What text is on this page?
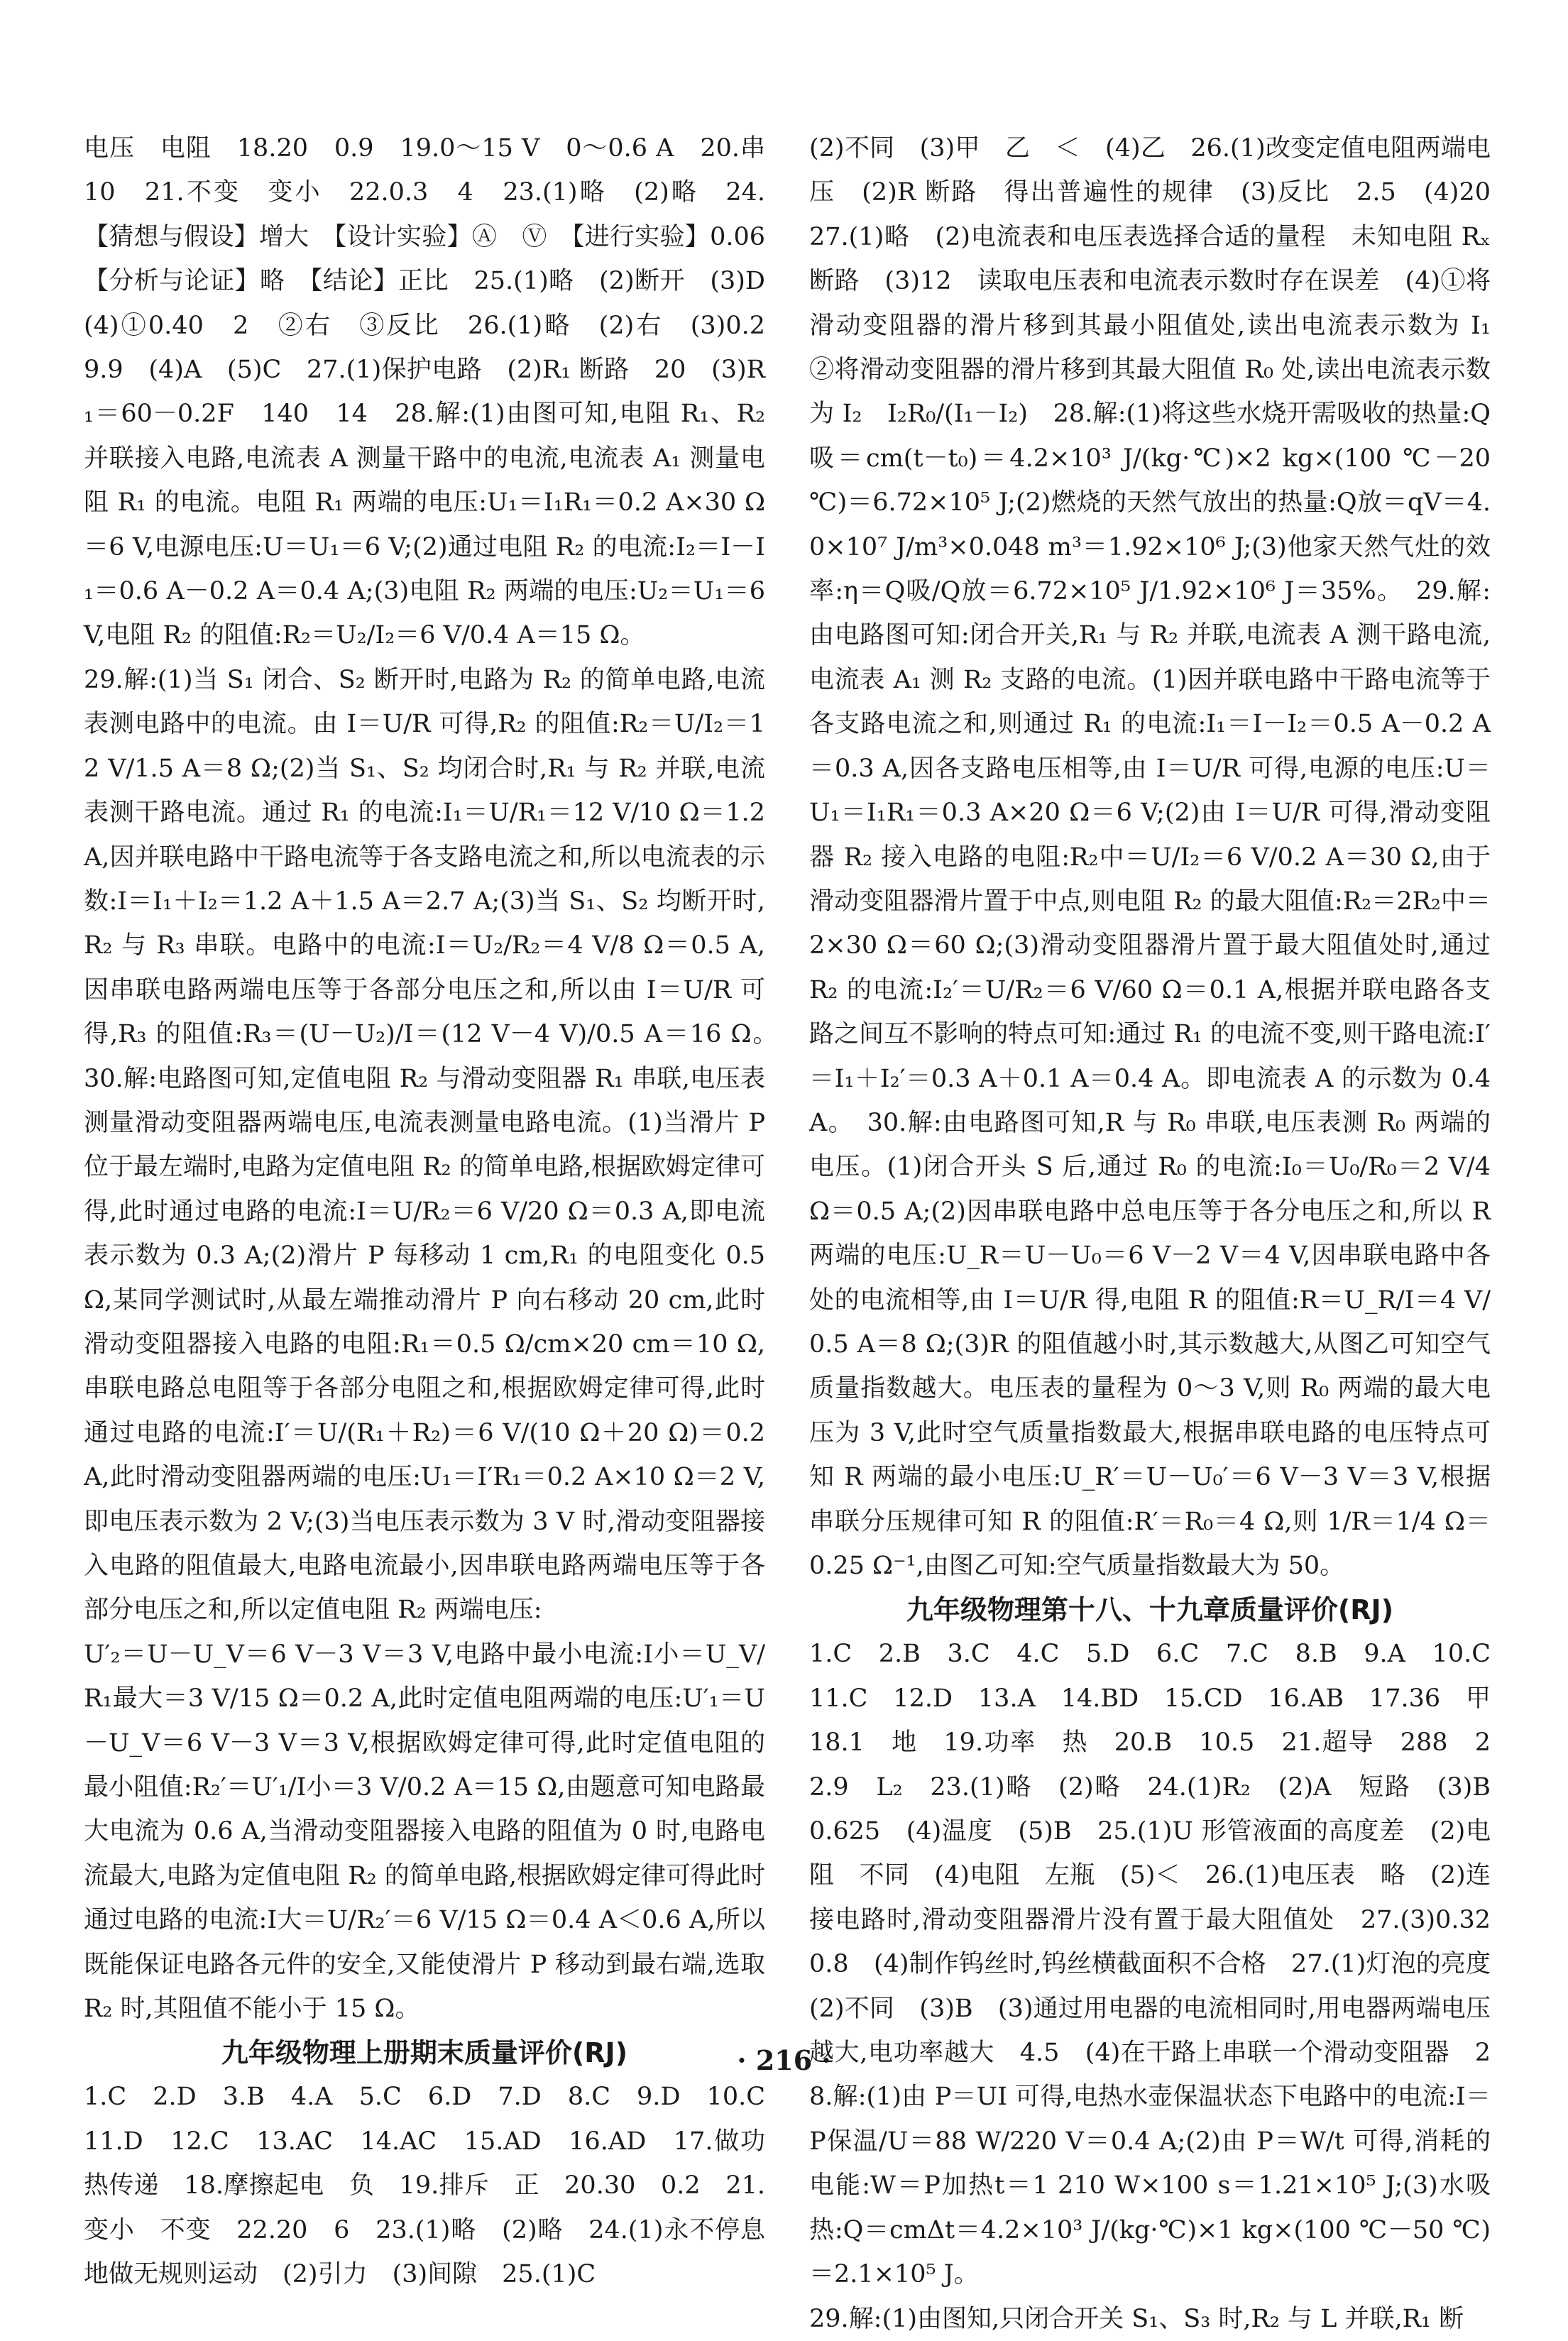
电压　电阻　18.20　0.9　19.0～15 V　0～0.6 A　20.串　10　21.不变　变小　22.0.3　4　23.(1)略　(2)略　24.【猜想与假设】增大　【设计实验】Ⓐ　Ⓥ　【进行实验】0.06　【分析与论证】略　【结论】正比　25.(1)略　(2)断开　(3)D　(4)①0.40　2　②右　③反比　26.(1)略　(2)右　(3)0.2　9.9　(4)A　(5)C　27.(1)保护电路　(2)R₁ 断路　20　(3)R₁＝60－0.2F　140　14　28.解:(1)由图可知,电阻 R₁、R₂ 并联接入电路,电流表 A 测量干路中的电流,电流表 A₁ 测量电阻 R₁ 的电流。电阻 R₁ 两端的电压:U₁＝I₁R₁＝0.2 A×30 Ω＝6 V,电源电压:U＝U₁＝6 V;(2)通过电阻 R₂ 的电流:I₂＝I－I₁＝0.6 A－0.2 A＝0.4 A;(3)电阻 R₂ 两端的电压:U₂＝U₁＝6 V,电阻 R₂ 的阻值:R₂＝U₂/I₂＝6 V/0.4 A＝15 Ω。

29.解:(1)当 S₁ 闭合、S₂ 断开时,电路为 R₂ 的简单电路,电流表测电路中的电流。由 I＝U/R 可得,R₂ 的阻值:R₂＝U/I₂＝12 V/1.5 A＝8 Ω;(2)当 S₁、S₂ 均闭合时,R₁ 与 R₂ 并联,电流表测干路电流。通过 R₁ 的电流:I₁＝U/R₁＝12 V/10 Ω＝1.2 A,因并联电路中干路电流等于各支路电流之和,所以电流表的示数:I＝I₁＋I₂＝1.2 A＋1.5 A＝2.7 A;(3)当 S₁、S₂ 均断开时,R₂ 与 R₃ 串联。电路中的电流:I＝U₂/R₂＝4 V/8 Ω＝0.5 A,因串联电路两端电压等于各部分电压之和,所以由 I＝U/R 可得,R₃ 的阻值:R₃＝(U－U₂)/I＝(12 V－4 V)/0.5 A＝16 Ω。　30.解:电路图可知,定值电阻 R₂ 与滑动变阻器 R₁ 串联,电压表测量滑动变阻器两端电压,电流表测量电路电流。(1)当滑片 P 位于最左端时,电路为定值电阻 R₂ 的简单电路,根据欧姆定律可得,此时通过电路的电流:I＝U/R₂＝6 V/20 Ω＝0.3 A,即电流表示数为 0.3 A;(2)滑片 P 每移动 1 cm,R₁ 的电阻变化 0.5 Ω,某同学测试时,从最左端推动滑片 P 向右移动 20 cm,此时滑动变阻器接入电路的电阻:R₁＝0.5 Ω/cm×20 cm＝10 Ω,串联电路总电阻等于各部分电阻之和,根据欧姆定律可得,此时通过电路的电流:I′＝U/(R₁＋R₂)＝6 V/(10 Ω＋20 Ω)＝0.2 A,此时滑动变阻器两端的电压:U₁＝I′R₁＝0.2 A×10 Ω＝2 V,即电压表示数为 2 V;(3)当电压表示数为 3 V 时,滑动变阻器接入电路的阻值最大,电路电流最小,因串联电路两端电压等于各部分电压之和,所以定值电阻 R₂ 两端电压:

U′₂＝U－U_V＝6 V－3 V＝3 V,电路中最小电流:I小＝U_V/R₁最大＝3 V/15 Ω＝0.2 A,此时定值电阻两端的电压:U′₁＝U－U_V＝6 V－3 V＝3 V,根据欧姆定律可得,此时定值电阻的最小阻值:R₂′＝U′₁/I小＝3 V/0.2 A＝15 Ω,由题意可知电路最大电流为 0.6 A,当滑动变阻器接入电路的阻值为 0 时,电路电流最大,电路为定值电阻 R₂ 的简单电路,根据欧姆定律可得此时通过电路的电流:I大＝U/R₂′＝6 V/15 Ω＝0.4 A＜0.6 A,所以既能保证电路各元件的安全,又能使滑片 P 移动到最右端,选取 R₂ 时,其阻值不能小于 15 Ω。

九年级物理上册期末质量评价(RJ)

1.C　2.D　3.B　4.A　5.C　6.D　7.D　8.C　9.D　10.C　11.D　12.C　13.AC　14.AC　15.AD　16.AD　17.做功　热传递　18.摩擦起电　负　19.排斥　正　20.30　0.2　21.变小　不变　22.20　6　23.(1)略　(2)略　24.(1)永不停息地做无规则运动　(2)引力　(3)间隙　25.(1)C

(2)不同　(3)甲　乙　＜　(4)乙　26.(1)改变定值电阻两端电压　(2)R 断路　得出普遍性的规律　(3)反比　2.5　(4)20　27.(1)略　(2)电流表和电压表选择合适的量程　未知电阻 Rₓ 断路　(3)12　读取电压表和电流表示数时存在误差　(4)①将滑动变阻器的滑片移到其最小阻值处,读出电流表示数为 I₁　②将滑动变阻器的滑片移到其最大阻值 R₀ 处,读出电流表示数为 I₂　I₂R₀/(I₁－I₂)　28.解:(1)将这些水烧开需吸收的热量:Q吸＝cm(t－t₀)＝4.2×10³ J/(kg·℃)×2 kg×(100 ℃－20 ℃)＝6.72×10⁵ J;(2)燃烧的天然气放出的热量:Q放＝qV＝4.0×10⁷ J/m³×0.048 m³＝1.92×10⁶ J;(3)他家天然气灶的效率:η＝Q吸/Q放＝6.72×10⁵ J/1.92×10⁶ J＝35%。　29.解:由电路图可知:闭合开关,R₁ 与 R₂ 并联,电流表 A 测干路电流,电流表 A₁ 测 R₂ 支路的电流。(1)因并联电路中干路电流等于各支路电流之和,则通过 R₁ 的电流:I₁＝I－I₂＝0.5 A－0.2 A＝0.3 A,因各支路电压相等,由 I＝U/R 可得,电源的电压:U＝U₁＝I₁R₁＝0.3 A×20 Ω＝6 V;(2)由 I＝U/R 可得,滑动变阻器 R₂ 接入电路的电阻:R₂中＝U/I₂＝6 V/0.2 A＝30 Ω,由于滑动变阻器滑片置于中点,则电阻 R₂ 的最大阻值:R₂＝2R₂中＝2×30 Ω＝60 Ω;(3)滑动变阻器滑片置于最大阻值处时,通过 R₂ 的电流:I₂′＝U/R₂＝6 V/60 Ω＝0.1 A,根据并联电路各支路之间互不影响的特点可知:通过 R₁ 的电流不变,则干路电流:I′＝I₁＋I₂′＝0.3 A＋0.1 A＝0.4 A。即电流表 A 的示数为 0.4 A。　30.解:由电路图可知,R 与 R₀ 串联,电压表测 R₀ 两端的电压。(1)闭合开头 S 后,通过 R₀ 的电流:I₀＝U₀/R₀＝2 V/4 Ω＝0.5 A;(2)因串联电路中总电压等于各分电压之和,所以 R 两端的电压:U_R＝U－U₀＝6 V－2 V＝4 V,因串联电路中各处的电流相等,由 I＝U/R 得,电阻 R 的阻值:R＝U_R/I＝4 V/0.5 A＝8 Ω;(3)R 的阻值越小时,其示数越大,从图乙可知空气质量指数越大。电压表的量程为 0～3 V,则 R₀ 两端的最大电压为 3 V,此时空气质量指数最大,根据串联电路的电压特点可知 R 两端的最小电压:U_R′＝U－U₀′＝6 V－3 V＝3 V,根据串联分压规律可知 R 的阻值:R′＝R₀＝4 Ω,则 1/R＝1/4 Ω＝0.25 Ω⁻¹,由图乙可知:空气质量指数最大为 50。

九年级物理第十八、十九章质量评价(RJ)

1.C　2.B　3.C　4.C　5.D　6.C　7.C　8.B　9.A　10.C　11.C　12.D　13.A　14.BD　15.CD　16.AB　17.36　甲　18.1　地　19.功率　热　20.B　10.5　21.超导　288　22.9　L₂　23.(1)略　(2)略　24.(1)R₂　(2)A　短路　(3)B　0.625　(4)温度　(5)B　25.(1)U 形管液面的高度差　(2)电阻　不同　(4)电阻　左瓶　(5)＜　26.(1)电压表　略　(2)连接电路时,滑动变阻器滑片没有置于最大阻值处　27.(3)0.32　0.8　(4)制作钨丝时,钨丝横截面积不合格　27.(1)灯泡的亮度　(2)不同　(3)B　(3)通过用电器的电流相同时,用电器两端电压越大,电功率越大　4.5　(4)在干路上串联一个滑动变阻器　28.解:(1)由 P＝UI 可得,电热水壶保温状态下电路中的电流:I＝P保温/U＝88 W/220 V＝0.4 A;(2)由 P＝W/t 可得,消耗的电能:W＝P加热t＝1 210 W×100 s＝1.21×10⁵ J;(3)水吸热:Q＝cmΔt＝4.2×10³ J/(kg·℃)×1 kg×(100 ℃－50 ℃)＝2.1×10⁵ J。

29.解:(1)由图知,只闭合开关 S₁、S₃ 时,R₂ 与 L 并联,R₁ 断

· 216 ·
